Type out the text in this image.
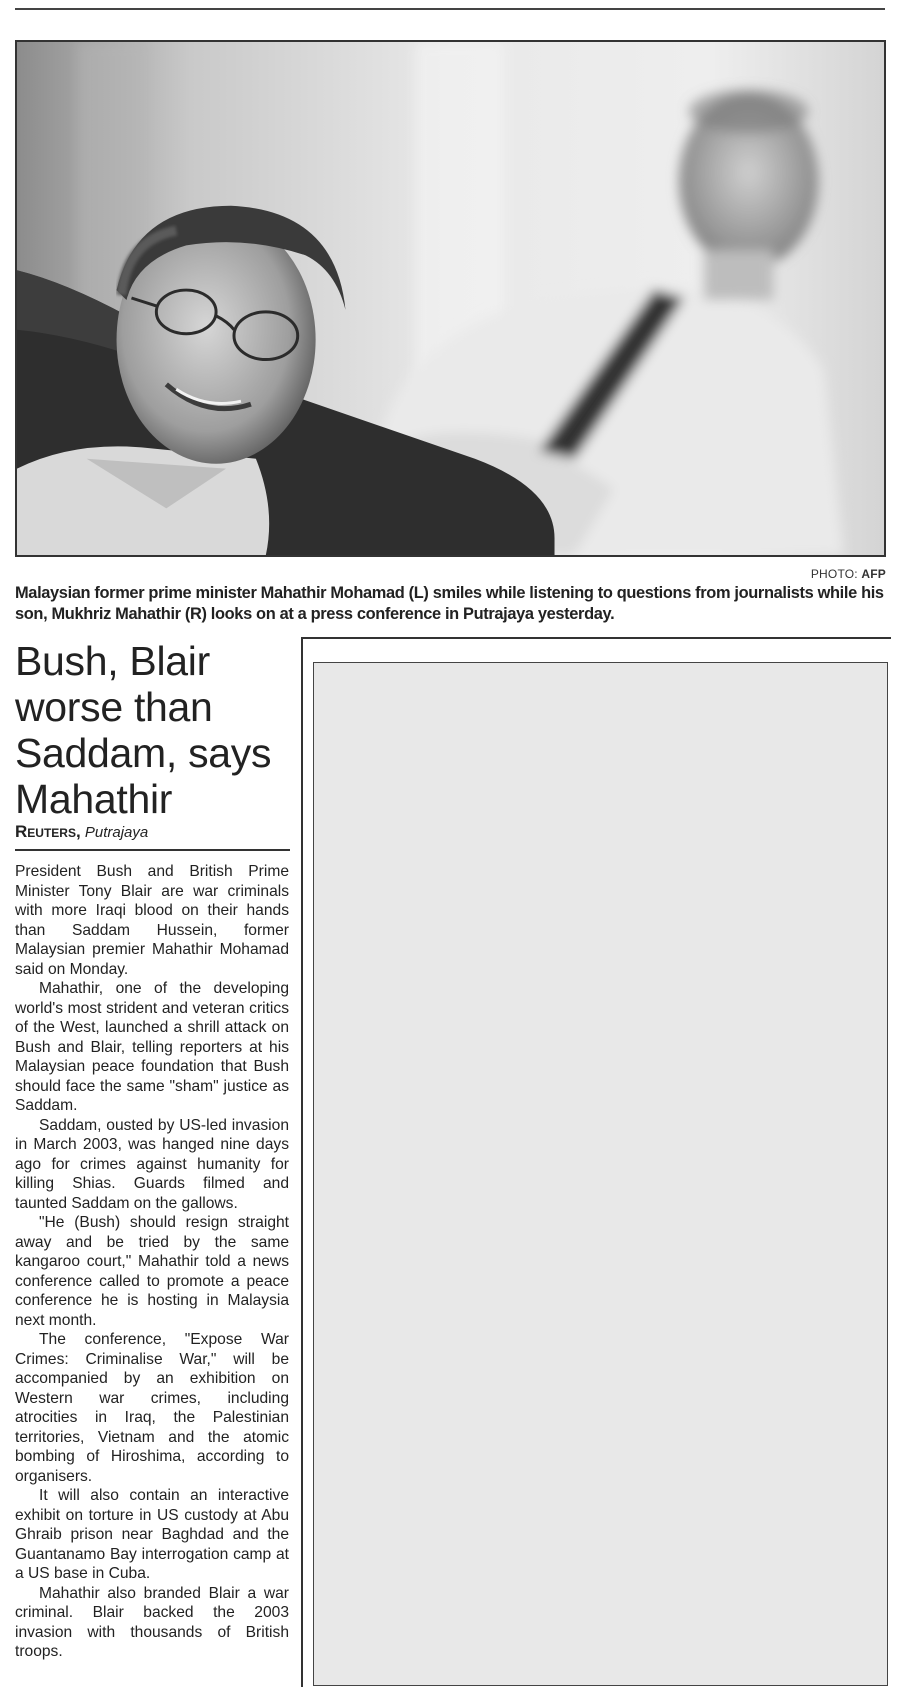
PHOTO: AFP
Malaysian former prime minister Mahathir Mohamad (L) smiles while listening to questions from journalists while his son, Mukhriz Mahathir (R) looks on at a press conference in Putrajaya yesterday.
Bush, Blair worse than Saddam, says Mahathir
Reuters, Putrajaya

President Bush and British Prime Minister Tony Blair are war criminals with more Iraqi blood on their hands than Saddam Hussein, former Malaysian premier Mahathir Mohamad said on Monday.

Mahathir, one of the developing world's most strident and veteran critics of the West, launched a shrill attack on Bush and Blair, telling reporters at his Malaysian peace foundation that Bush should face the same "sham" justice as Saddam.

Saddam, ousted by US-led invasion in March 2003, was hanged nine days ago for crimes against humanity for killing Shias. Guards filmed and taunted Saddam on the gallows.

"He (Bush) should resign straight away and be tried by the same kangaroo court," Mahathir told a news conference called to promote a peace conference he is hosting in Malaysia next month.

The conference, "Expose War Crimes: Criminalise War," will be accompanied by an exhibition on Western war crimes, including atrocities in Iraq, the Palestinian territories, Vietnam and the atomic bombing of Hiroshima, according to organisers.

It will also contain an interactive exhibit on torture in US custody at Abu Ghraib prison near Baghdad and the Guantanamo Bay interrogation camp at a US base in Cuba.

Mahathir also branded Blair a war criminal. Blair backed the 2003 invasion with thousands of British troops.
